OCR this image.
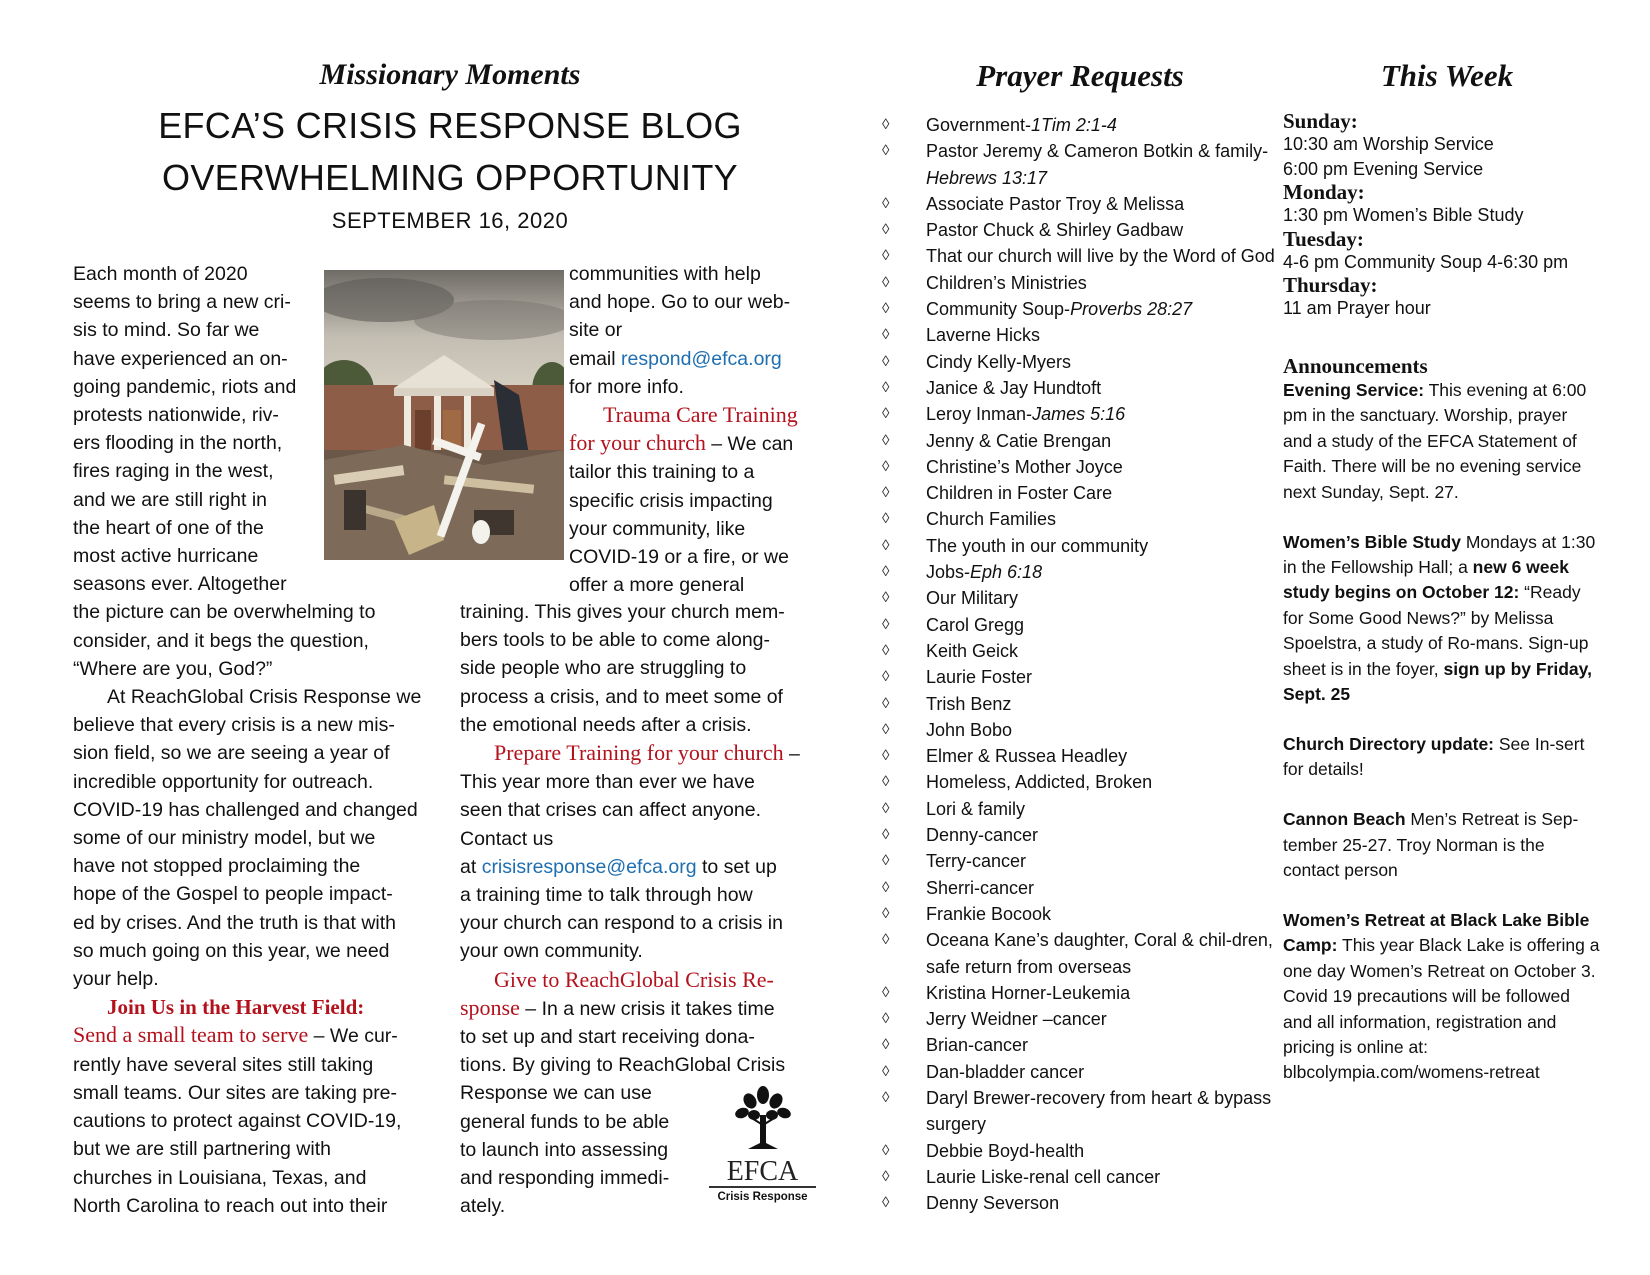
Missionary Moments
EFCA’S CRISIS RESPONSE BLOG
OVERWHELMING OPPORTUNITY
SEPTEMBER 16, 2020
Each month of 2020
seems to bring a new cri-
sis to mind. So far we
have experienced an on-
going pandemic, riots and
protests nationwide, riv-
ers flooding in the north,
fires raging in the west,
and we are still right in
the heart of one of the
most active hurricane
seasons ever. Altogether
the picture can be overwhelming to
consider, and it begs the question,
“Where are you, God?”
At ReachGlobal Crisis Response we
believe that every crisis is a new mis-
sion field, so we are seeing a year of
incredible opportunity for outreach.
COVID-19 has challenged and changed
some of our ministry model, but we
have not stopped proclaiming the
hope of the Gospel to people impact-
ed by crises. And the truth is that with
so much going on this year, we need
your help.
Join Us in the Harvest Field:
Send a small team to serve – We cur-
rently have several sites still taking
small teams. Our sites are taking pre-
cautions to protect against COVID-19,
but we are still partnering with
churches in Louisiana, Texas, and
North Carolina to reach out into their
communities with help
and hope. Go to our web-
site or
email respond@efca.org
for more info.
Trauma Care Training
for your church – We can
tailor this training to a
specific crisis impacting
your community, like
COVID-19 or a fire, or we
offer a more general
training. This gives your church mem-
bers tools to be able to come along-
side people who are struggling to
process a crisis, and to meet some of
the emotional needs after a crisis.
Prepare Training for your church –
This year more than ever we have
seen that crises can affect anyone.
Contact us
at crisisresponse@efca.org to set up
a training time to talk through how
your church can respond to a crisis in
your own community.
Give to ReachGlobal Crisis Re-
sponse – In a new crisis it takes time
to set up and start receiving dona-
tions. By giving to ReachGlobal Crisis
Response we can use
general funds to be able
to launch into assessing
and responding immedi-
ately.
EFCA
Crisis Response
Prayer Requests
◊	Government-1Tim 2:1-4
◊	Pastor Jeremy & Cameron Botkin & family-Hebrews 13:17
◊	Associate Pastor Troy & Melissa
◊	Pastor Chuck & Shirley Gadbaw
◊	That our church will live by the Word of God
◊	Children’s Ministries
◊	Community Soup-Proverbs 28:27
◊	Laverne Hicks
◊	Cindy Kelly-Myers
◊	Janice & Jay Hundtoft
◊	Leroy Inman-James 5:16
◊	Jenny & Catie Brengan
◊	Christine’s Mother Joyce
◊	Children in Foster Care
◊	Church Families
◊	The youth in our community
◊	Jobs-Eph 6:18
◊	Our Military
◊	Carol Gregg
◊	Keith Geick
◊	Laurie Foster
◊	Trish Benz
◊	John Bobo
◊	Elmer & Russea Headley
◊	Homeless, Addicted, Broken
◊	Lori & family
◊	Denny-cancer
◊	Terry-cancer
◊	Sherri-cancer
◊	Frankie Bocook
◊	Oceana Kane’s daughter, Coral & chil-dren, safe return from overseas
◊	Kristina Horner-Leukemia
◊	Jerry Weidner –cancer
◊	Brian-cancer
◊	Dan-bladder cancer
◊	Daryl Brewer-recovery from heart & bypass surgery
◊	Debbie Boyd-health
◊	Laurie Liske-renal cell cancer
◊	Denny Severson
This Week
Sunday:
10:30 am Worship Service
6:00 pm Evening Service
Monday:
1:30 pm Women’s Bible Study
Tuesday:
4-6 pm Community Soup 4-6:30 pm
Thursday:
11 am Prayer hour
Announcements

Evening Service: This evening at 6:00 pm in the sanctuary. Worship, prayer and a study of the EFCA Statement of Faith. There will be no evening service next Sunday, Sept. 27.

Women’s Bible Study Mondays at 1:30 in the Fellowship Hall; a new 6 week study begins on October 12: “Ready for Some Good News?” by Melissa Spoelstra, a study of Ro-mans. Sign-up sheet is in the foyer, sign up by Friday, Sept. 25

Church Directory update: See In-sert for details!

Cannon Beach Men’s Retreat is Sep-tember 25-27. Troy Norman is the contact person

Women’s Retreat at Black Lake Bible Camp: This year Black Lake is offering a one day Women’s Retreat on October 3. Covid 19 precautions will be followed and all information, registration and pricing is online at: blbcolympia.com/womens-retreat
